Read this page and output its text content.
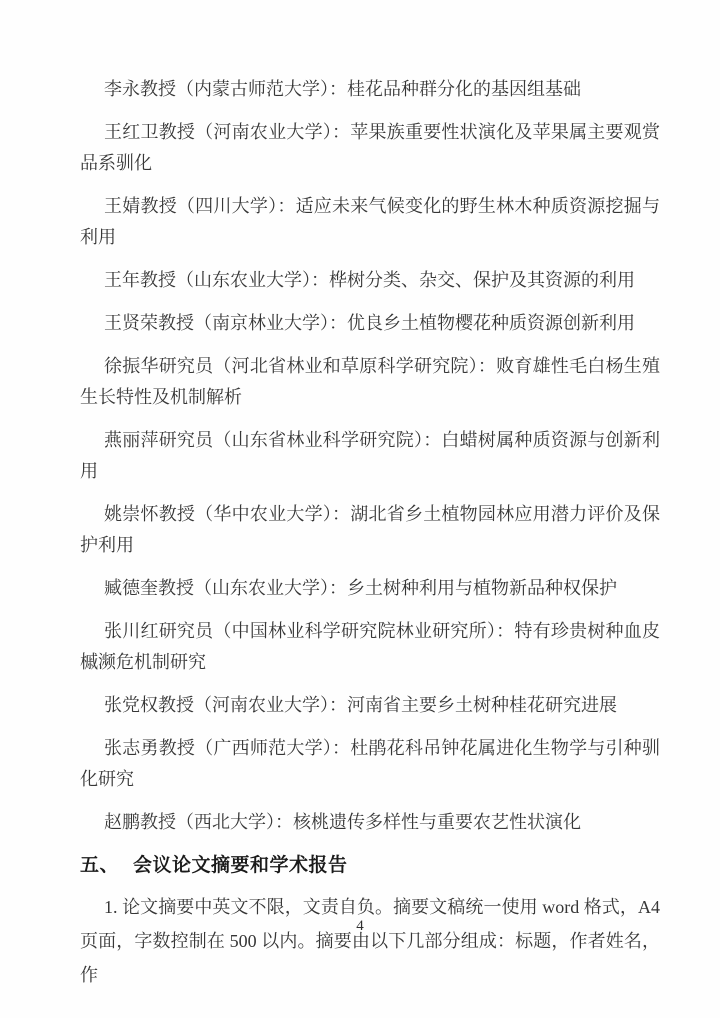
李永教授（内蒙古师范大学）：桂花品种群分化的基因组基础

王红卫教授（河南农业大学）：苹果族重要性状演化及苹果属主要观赏品系驯化

王婧教授（四川大学）：适应未来气候变化的野生林木种质资源挖掘与利用

王年教授（山东农业大学）：桦树分类、杂交、保护及其资源的利用

王贤荣教授（南京林业大学）：优良乡土植物樱花种质资源创新利用

徐振华研究员（河北省林业和草原科学研究院）：败育雄性毛白杨生殖生长特性及机制解析

燕丽萍研究员（山东省林业科学研究院）：白蜡树属种质资源与创新利用

姚崇怀教授（华中农业大学）：湖北省乡土植物园林应用潜力评价及保护利用

臧德奎教授（山东农业大学）：乡土树种利用与植物新品种权保护

张川红研究员（中国林业科学研究院林业研究所）：特有珍贵树种血皮槭濒危机制研究

张党权教授（河南农业大学）：河南省主要乡土树种桂花研究进展

张志勇教授（广西师范大学）：杜鹃花科吊钟花属进化生物学与引种驯化研究

赵鹏教授（西北大学）：核桃遗传多样性与重要农艺性状演化

五、 会议论文摘要和学术报告

1. 论文摘要中英文不限，文责自负。摘要文稿统一使用 word 格式，A4页面，字数控制在 500 以内。摘要由以下几部分组成：标题，作者姓名，作

4
